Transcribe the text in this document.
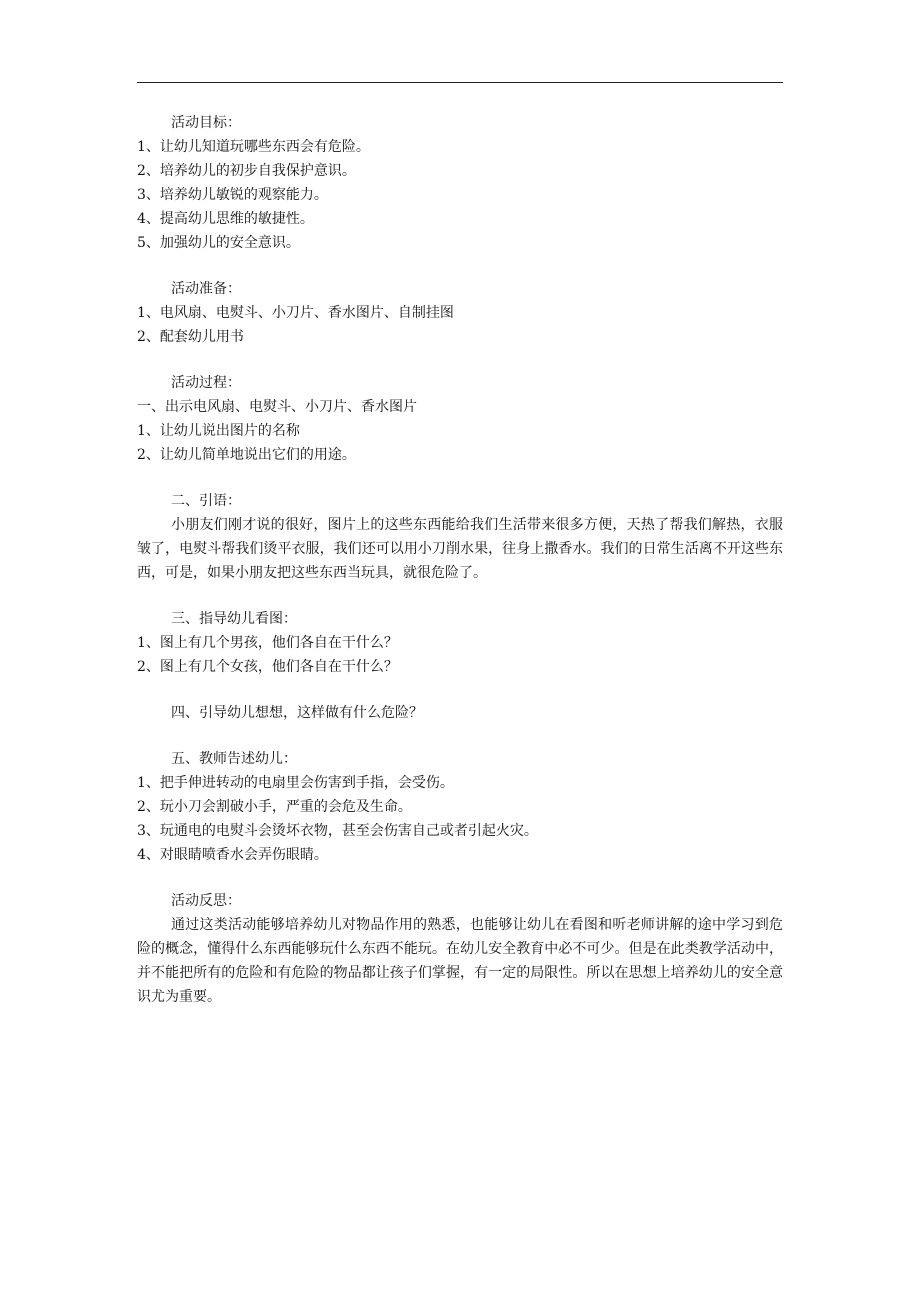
活动目标：
1、让幼儿知道玩哪些东西会有危险。
2、培养幼儿的初步自我保护意识。
3、培养幼儿敏锐的观察能力。
4、提高幼儿思维的敏捷性。
5、加强幼儿的安全意识。
活动准备：
1、电风扇、电熨斗、小刀片、香水图片、自制挂图
2、配套幼儿用书
活动过程：
一、出示电风扇、电熨斗、小刀片、香水图片
1、让幼儿说出图片的名称
2、让幼儿简单地说出它们的用途。
二、引语：
小朋友们刚才说的很好，图片上的这些东西能给我们生活带来很多方便，天热了帮我们解热，衣服皱了，电熨斗帮我们烫平衣服，我们还可以用小刀削水果，往身上撒香水。我们的日常生活离不开这些东西，可是，如果小朋友把这些东西当玩具，就很危险了。
三、指导幼儿看图：
1、图上有几个男孩，他们各自在干什么？
2、图上有几个女孩，他们各自在干什么？
四、引导幼儿想想，这样做有什么危险？
五、教师告述幼儿：
1、把手伸进转动的电扇里会伤害到手指，会受伤。
2、玩小刀会割破小手，严重的会危及生命。
3、玩通电的电熨斗会烫坏衣物，甚至会伤害自己或者引起火灾。
4、对眼睛喷香水会弄伤眼睛。
活动反思：
通过这类活动能够培养幼儿对物品作用的熟悉，也能够让幼儿在看图和听老师讲解的途中学习到危险的概念，懂得什么东西能够玩什么东西不能玩。在幼儿安全教育中必不可少。但是在此类教学活动中，并不能把所有的危险和有危险的物品都让孩子们掌握，有一定的局限性。所以在思想上培养幼儿的安全意识尤为重要。
